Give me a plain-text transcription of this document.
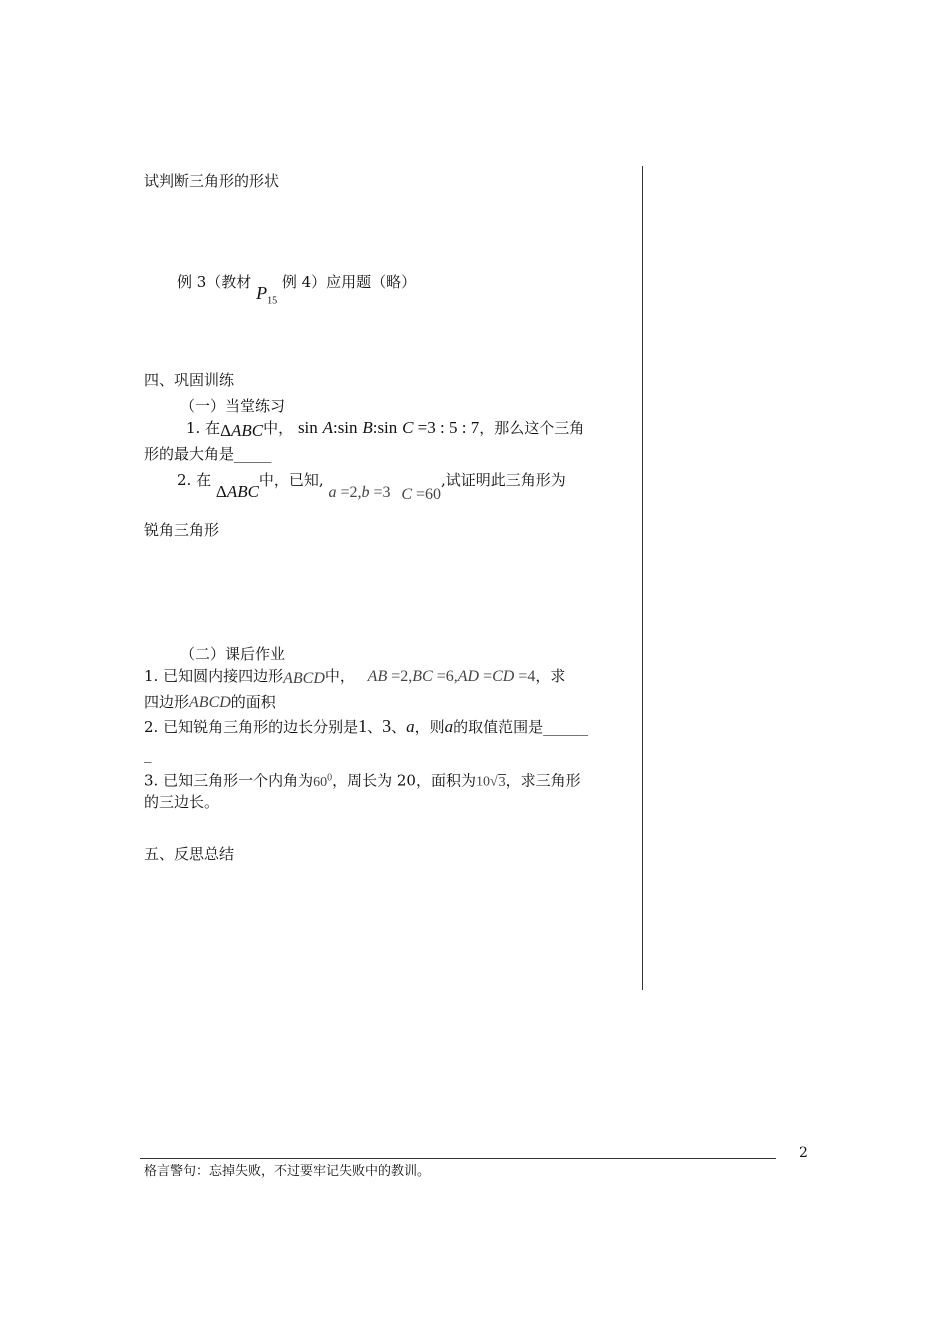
试判断三角形的形状
例 3（教材 $P_{15}$ 例 4）应用题（略）
四、巩固训练
（一）当堂练习
1. 在ΔABC中， sin A:sin B:sin C =3 : 5 : 7，那么这个三角
形的最大角是_____
2. 在 ΔABC中，已知, a =2,b =3 C =60,试证明此三角形为
锐角三角形
（二）课后作业
1. 已知圆内接四边形ABCD中， AB =2,BC =6,AD =CD =4，求
四边形ABCD的面积
2. 已知锐角三角形的边长分别是1、3、a，则a的取值范围是______
_
3. 已知三角形一个内角为$60^0$，周长为 20，面积为10√3，求三角形
的三边长。
五、反思总结
2
格言警句：忘掉失败，不过要牢记失败中的教训。
